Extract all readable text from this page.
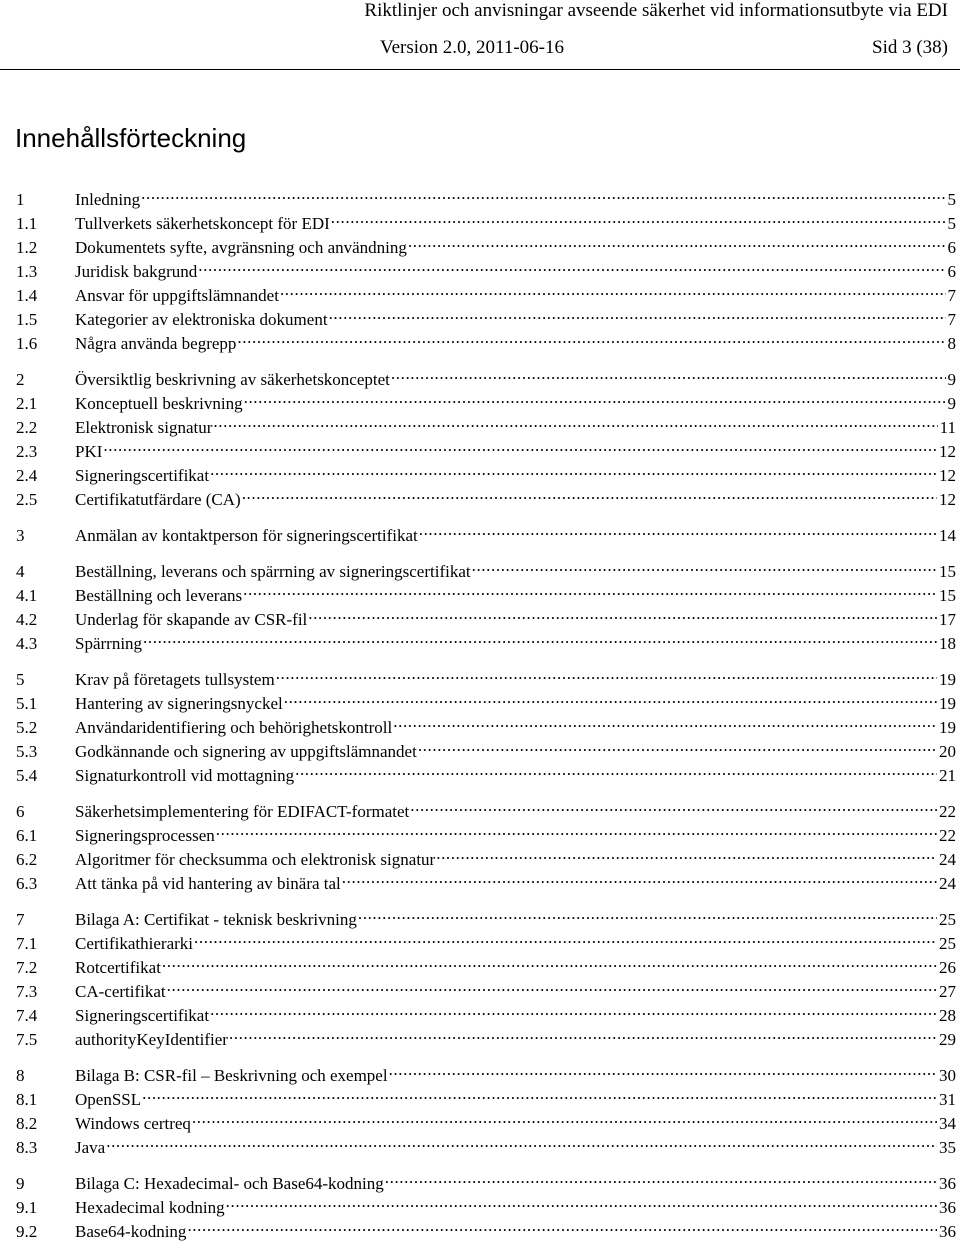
Riktlinjer och anvisningar avseende säkerhet vid informationsutbyte via EDI
Version 2.0, 2011-06-16	Sid 3 (38)
Innehållsförteckning
1	Inledning .....	5
1.1	Tullverkets säkerhetskoncept för EDI .....	5
1.2	Dokumentets syfte, avgränsning och användning .....	6
1.3	Juridisk bakgrund .....	6
1.4	Ansvar för uppgiftslämnandet .....	7
1.5	Kategorier av elektroniska dokument .....	7
1.6	Några använda begrepp .....	8
2	Översiktlig beskrivning av säkerhetskonceptet .....	9
2.1	Konceptuell beskrivning .....	9
2.2	Elektronisk signatur .....	11
2.3	PKI .....	12
2.4	Signeringscertifikat .....	12
2.5	Certifikatutfärdare (CA) .....	12
3	Anmälan av kontaktperson för signeringscertifikat .....	14
4	Beställning, leverans och spärrning av signeringscertifikat .....	15
4.1	Beställning och leverans .....	15
4.2	Underlag för skapande av CSR-fil .....	17
4.3	Spärrning .....	18
5	Krav på företagets tullsystem .....	19
5.1	Hantering av signeringsnyckel .....	19
5.2	Användaridentifiering och behörighetskontroll .....	19
5.3	Godkännande och signering av uppgiftslämnandet .....	20
5.4	Signaturkontroll vid mottagning .....	21
6	Säkerhetsimplementering för EDIFACT-formatet .....	22
6.1	Signeringsprocessen .....	22
6.2	Algoritmer för checksumma och elektronisk signatur .....	24
6.3	Att tänka på vid hantering av binära tal .....	24
7	Bilaga A: Certifikat - teknisk beskrivning .....	25
7.1	Certifikathierarki .....	25
7.2	Rotcertifikat .....	26
7.3	CA-certifikat .....	27
7.4	Signeringscertifikat .....	28
7.5	authorityKeyIdentifier .....	29
8	Bilaga B: CSR-fil – Beskrivning och exempel .....	30
8.1	OpenSSL .....	31
8.2	Windows certreq .....	34
8.3	Java .....	35
9	Bilaga C: Hexadecimal- och Base64-kodning .....	36
9.1	Hexadecimal kodning .....	36
9.2	Base64-kodning .....	36
